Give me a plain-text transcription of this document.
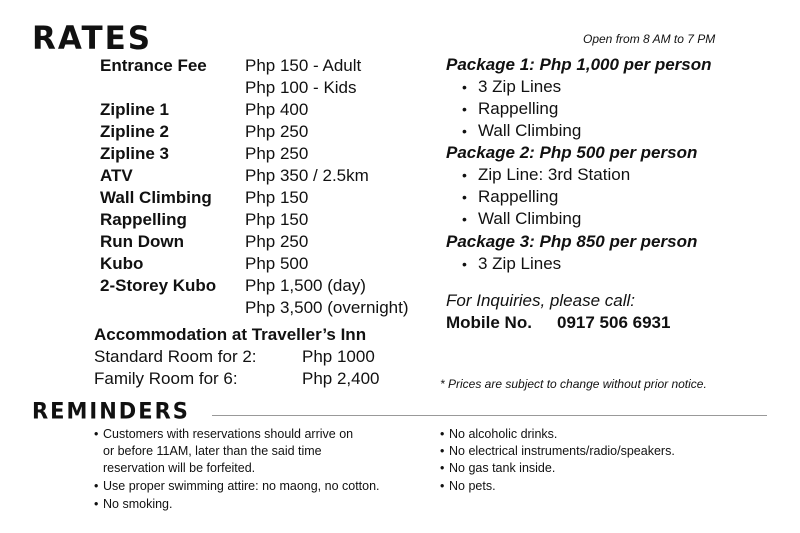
RATES	Open from 8 AM to 7 PM
Entrance Fee Php 150 - Adult
Php 100 - Kids
Zipline 1	Php 400
Zipline 2	Php 250
Zipline 3	Php 250
ATV	Php 350 / 2.5km
Wall Climbing Php 150
Rappelling	Php 150
Run Down	Php 250
Kubo	Php 500
2-Storey Kubo Php 1,500 (day)
Php 3,500 (overnight)
Accommodation at Traveller’s Inn
Standard Room for 2:	Php 1000
Family Room for 6:	Php 2,400
Package 1: Php 1,000 per person
• 3 Zip Lines
• Rappelling
• Wall Climbing
Package 2: Php 500 per person
• Zip Line: 3rd Station
• Rappelling
• Wall Climbing
Package 3: Php 850 per person
• 3 Zip Lines
For Inquiries, please call:
Mobile No. 0917 506 6931
* Prices are subject to change without prior notice.
REMINDERS
• Customers with reservations should arrive on
or before 11AM, later than the said time
reservation will be forfeited.
• Use proper swimming attire: no maong, no cotton.
• No smoking.
• No alcoholic drinks.
• No electrical instruments/radio/speakers.
• No gas tank inside.
• No pets.
